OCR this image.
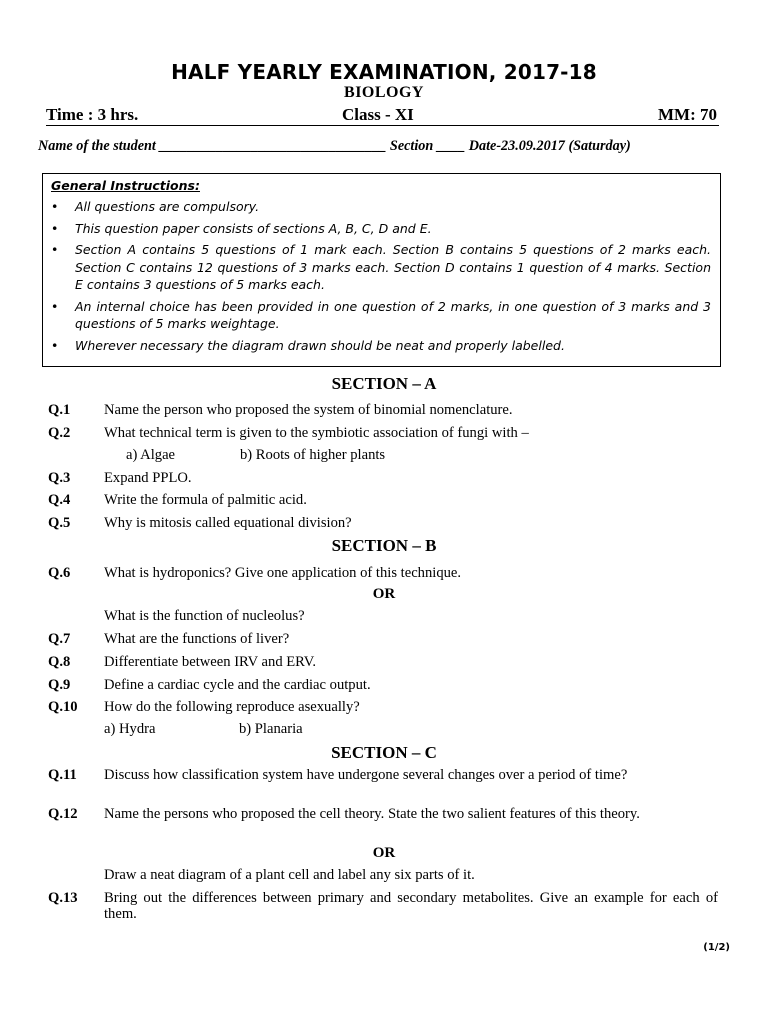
HALF YEARLY EXAMINATION, 2017-18
BIOLOGY
Time : 3 hrs.	Class - XI	MM: 70
Name of the student ________________________________ Section ____ Date-23.09.2017 (Saturday)
General Instructions:
• All questions are compulsory.
• This question paper consists of sections A, B, C, D and E.
• Section A contains 5 questions of 1 mark each. Section B contains 5 questions of 2 marks each. Section C contains 12 questions of 3 marks each. Section D contains 1 question of 4 marks. Section E contains 3 questions of 5 marks each.
• An internal choice has been provided in one question of 2 marks, in one question of 3 marks and 3 questions of 5 marks weightage.
• Wherever necessary the diagram drawn should be neat and properly labelled.
SECTION – A
Q.1 Name the person who proposed the system of binomial nomenclature.
Q.2 What technical term is given to the symbiotic association of fungi with –
a) Algae	b) Roots of higher plants
Q.3 Expand PPLO.
Q.4 Write the formula of palmitic acid.
Q.5 Why is mitosis called equational division?
SECTION – B
Q.6 What is hydroponics? Give one application of this technique.
OR
What is the function of nucleolus?
Q.7 What are the functions of liver?
Q.8 Differentiate between IRV and ERV.
Q.9 Define a cardiac cycle and the cardiac output.
Q.10 How do the following reproduce asexually?
a) Hydra	b) Planaria
SECTION – C
Q.11 Discuss how classification system have undergone several changes over a period of time?
Q.12 Name the persons who proposed the cell theory. State the two salient features of this theory.
OR
Draw a neat diagram of a plant cell and label any six parts of it.
Q.13 Bring out the differences between primary and secondary metabolites. Give an example for each of them.
(1/2)
